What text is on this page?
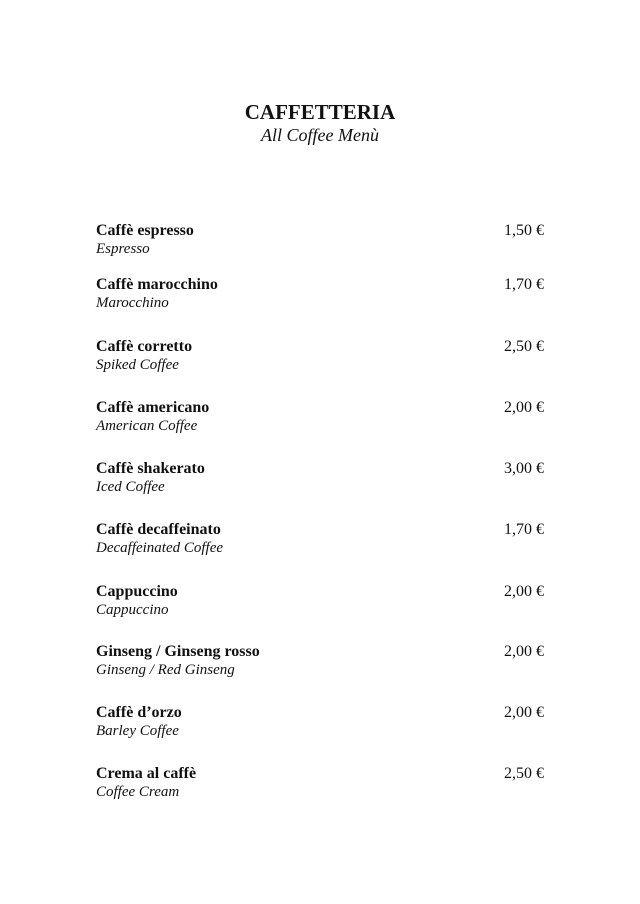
CAFFETTERIA
All Coffee Menù
Caffè espresso
Espresso
1,50 €
Caffè marocchino
Marocchino
1,70 €
Caffè corretto
Spiked Coffee
2,50 €
Caffè americano
American Coffee
2,00 €
Caffè shakerato
Iced Coffee
3,00 €
Caffè decaffeinato
Decaffeinated Coffee
1,70 €
Cappuccino
Cappuccino
2,00 €
Ginseng / Ginseng rosso
Ginseng / Red Ginseng
2,00 €
Caffè d’orzo
Barley Coffee
2,00 €
Crema al caffè
Coffee Cream
2,50 €
